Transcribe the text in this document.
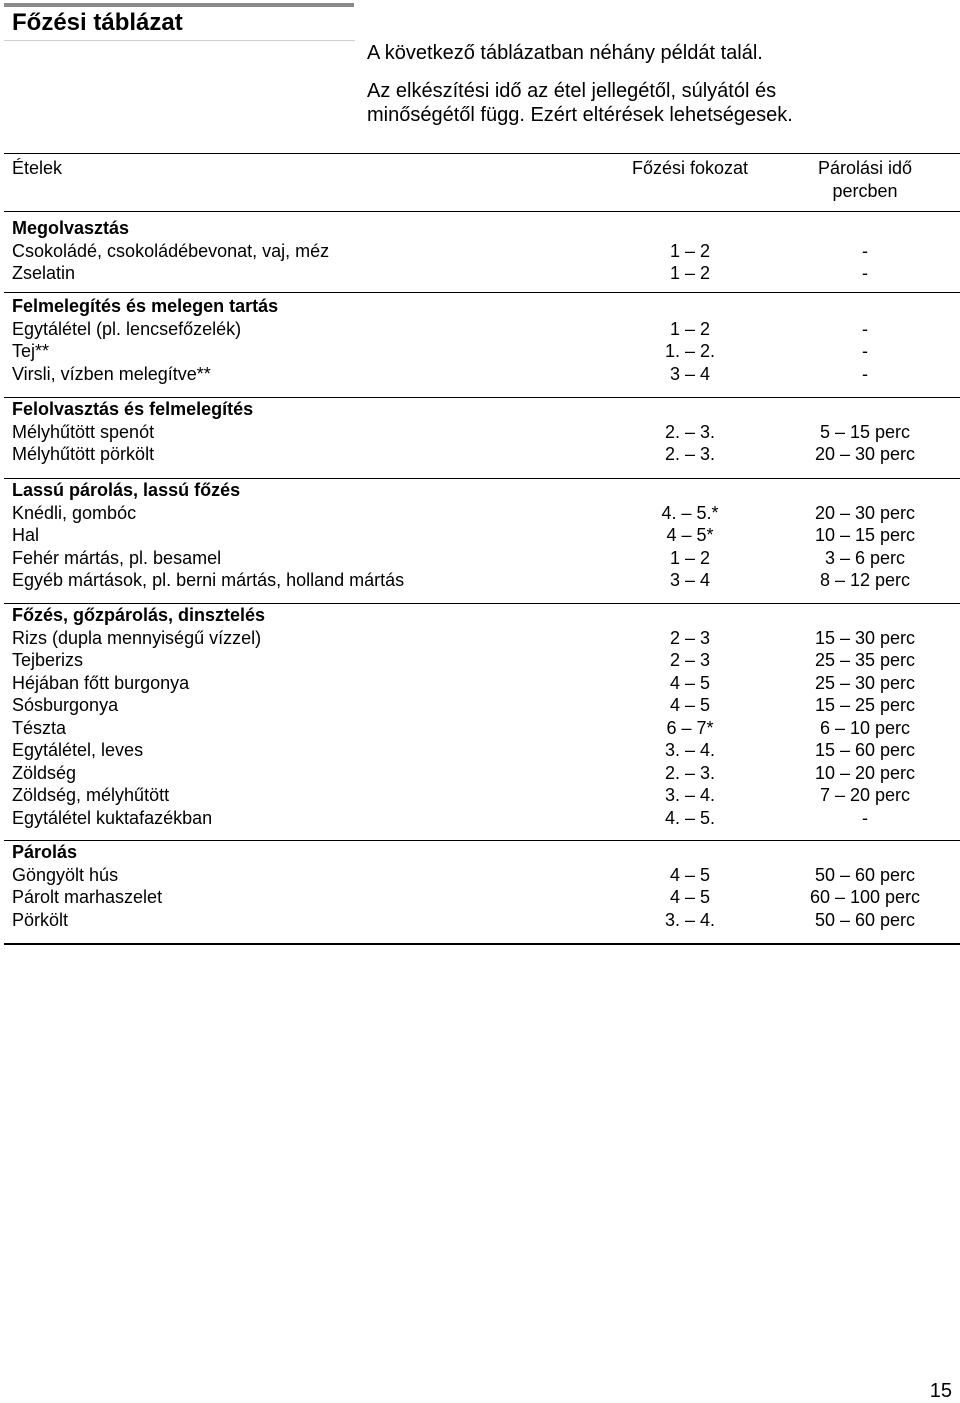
Főzési táblázat
A következő táblázatban néhány példát talál.
Az elkészítési idő az étel jellegétől, súlyától és
minőségétől függ. Ezért eltérések lehetségesek.
Ételek	Főzési fokozat	Párolási idő
percben
Megolvasztás
Csokoládé, csokoládébevonat, vaj, méz	1 – 2	-
Zselatin	1 – 2	-
Felmelegítés és melegen tartás
Egytálétel (pl. lencsefőzelék)	1 – 2	-
Tej**	1. – 2.	-
Virsli, vízben melegítve**	3 – 4	-
Felolvasztás és felmelegítés
Mélyhűtött spenót	2. – 3.	5 – 15 perc
Mélyhűtött pörkölt	2. – 3.	20 – 30 perc
Lassú párolás, lassú főzés
Knédli, gombóc	4. – 5.*	20 – 30 perc
Hal	4 – 5*	10 – 15 perc
Fehér mártás, pl. besamel	1 – 2	3 – 6 perc
Egyéb mártások, pl. berni mártás, holland mártás	3 – 4	8 – 12 perc
Főzés, gőzpárolás, dinsztelés
Rizs (dupla mennyiségű vízzel)	2 – 3	15 – 30 perc
Tejberizs	2 – 3	25 – 35 perc
Héjában főtt burgonya	4 – 5	25 – 30 perc
Sósburgonya	4 – 5	15 – 25 perc
Tészta	6 – 7*	6 – 10 perc
Egytálétel, leves	3. – 4.	15 – 60 perc
Zöldség	2. – 3.	10 – 20 perc
Zöldség, mélyhűtött	3. – 4.	7 – 20 perc
Egytálétel kuktafazékban	4. – 5.	-
Párolás
Göngyölt hús	4 – 5	50 – 60 perc
Párolt marhaszelet	4 – 5	60 – 100 perc
Pörkölt	3. – 4.	50 – 60 perc
15
